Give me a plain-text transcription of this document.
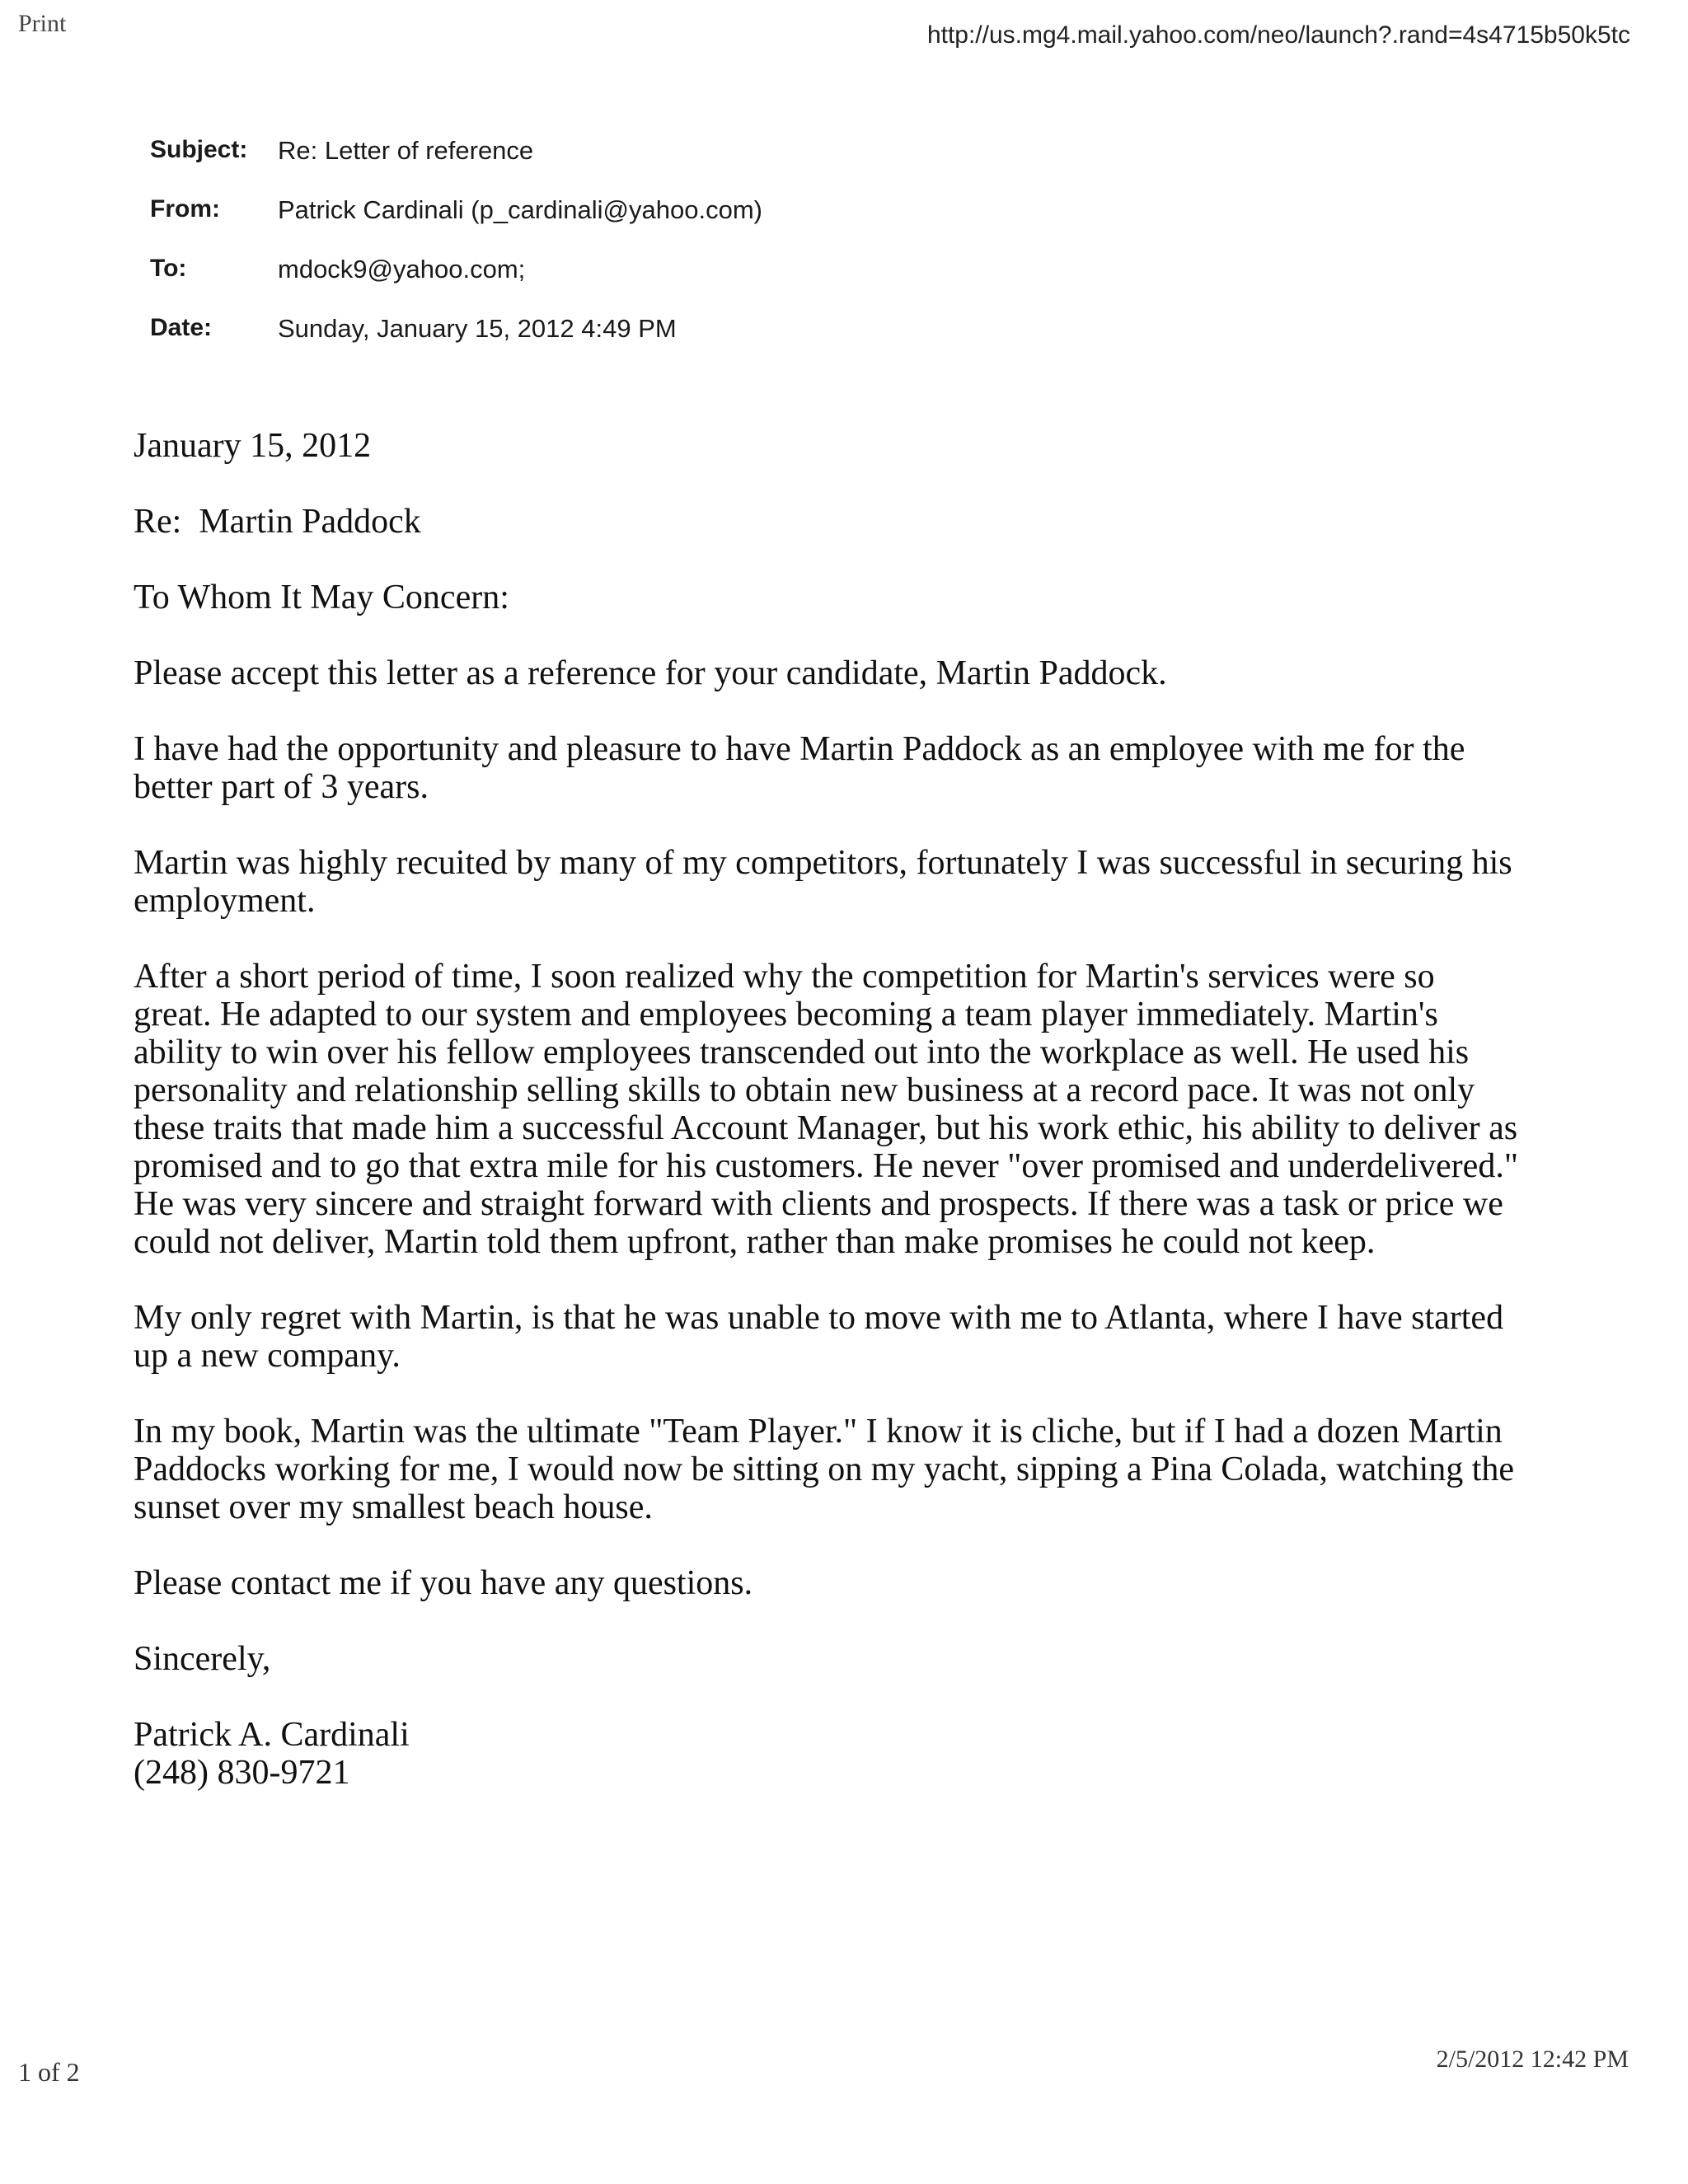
Print	http://us.mg4.mail.yahoo.com/neo/launch?.rand=4s4715b50k5tc
Subject:	Re: Letter of reference
From:	Patrick Cardinali (p_cardinali@yahoo.com)
To:	mdock9@yahoo.com;
Date:	Sunday, January 15, 2012 4:49 PM

January 15, 2012

Re:  Martin Paddock

To Whom It May Concern:

Please accept this letter as a reference for your candidate, Martin Paddock.

I have had the opportunity and pleasure to have Martin Paddock as an employee with me for the better part of 3 years.

Martin was highly recuited by many of my competitors, fortunately I was successful in securing his employment.

After a short period of time, I soon realized why the competition for Martin's services were so great. He adapted to our system and employees becoming a team player immediately. Martin's ability to win over his fellow employees transcended out into the workplace as well. He used his personality and relationship selling skills to obtain new business at a record pace. It was not only these traits that made him a successful Account Manager, but his work ethic, his ability to deliver as promised and to go that extra mile for his customers. He never "over promised and underdelivered." He was very sincere and straight forward with clients and prospects. If there was a task or price we could not deliver, Martin told them upfront, rather than make promises he could not keep.

My only regret with Martin, is that he was unable to move with me to Atlanta, where I have started up a new company.

In my book, Martin was the ultimate "Team Player." I know it is cliche, but if I had a dozen Martin Paddocks working for me, I would now be sitting on my yacht, sipping a Pina Colada, watching the sunset over my smallest beach house.

Please contact me if you have any questions.

Sincerely,

Patrick A. Cardinali
(248) 830-9721

1 of 2	2/5/2012 12:42 PM
